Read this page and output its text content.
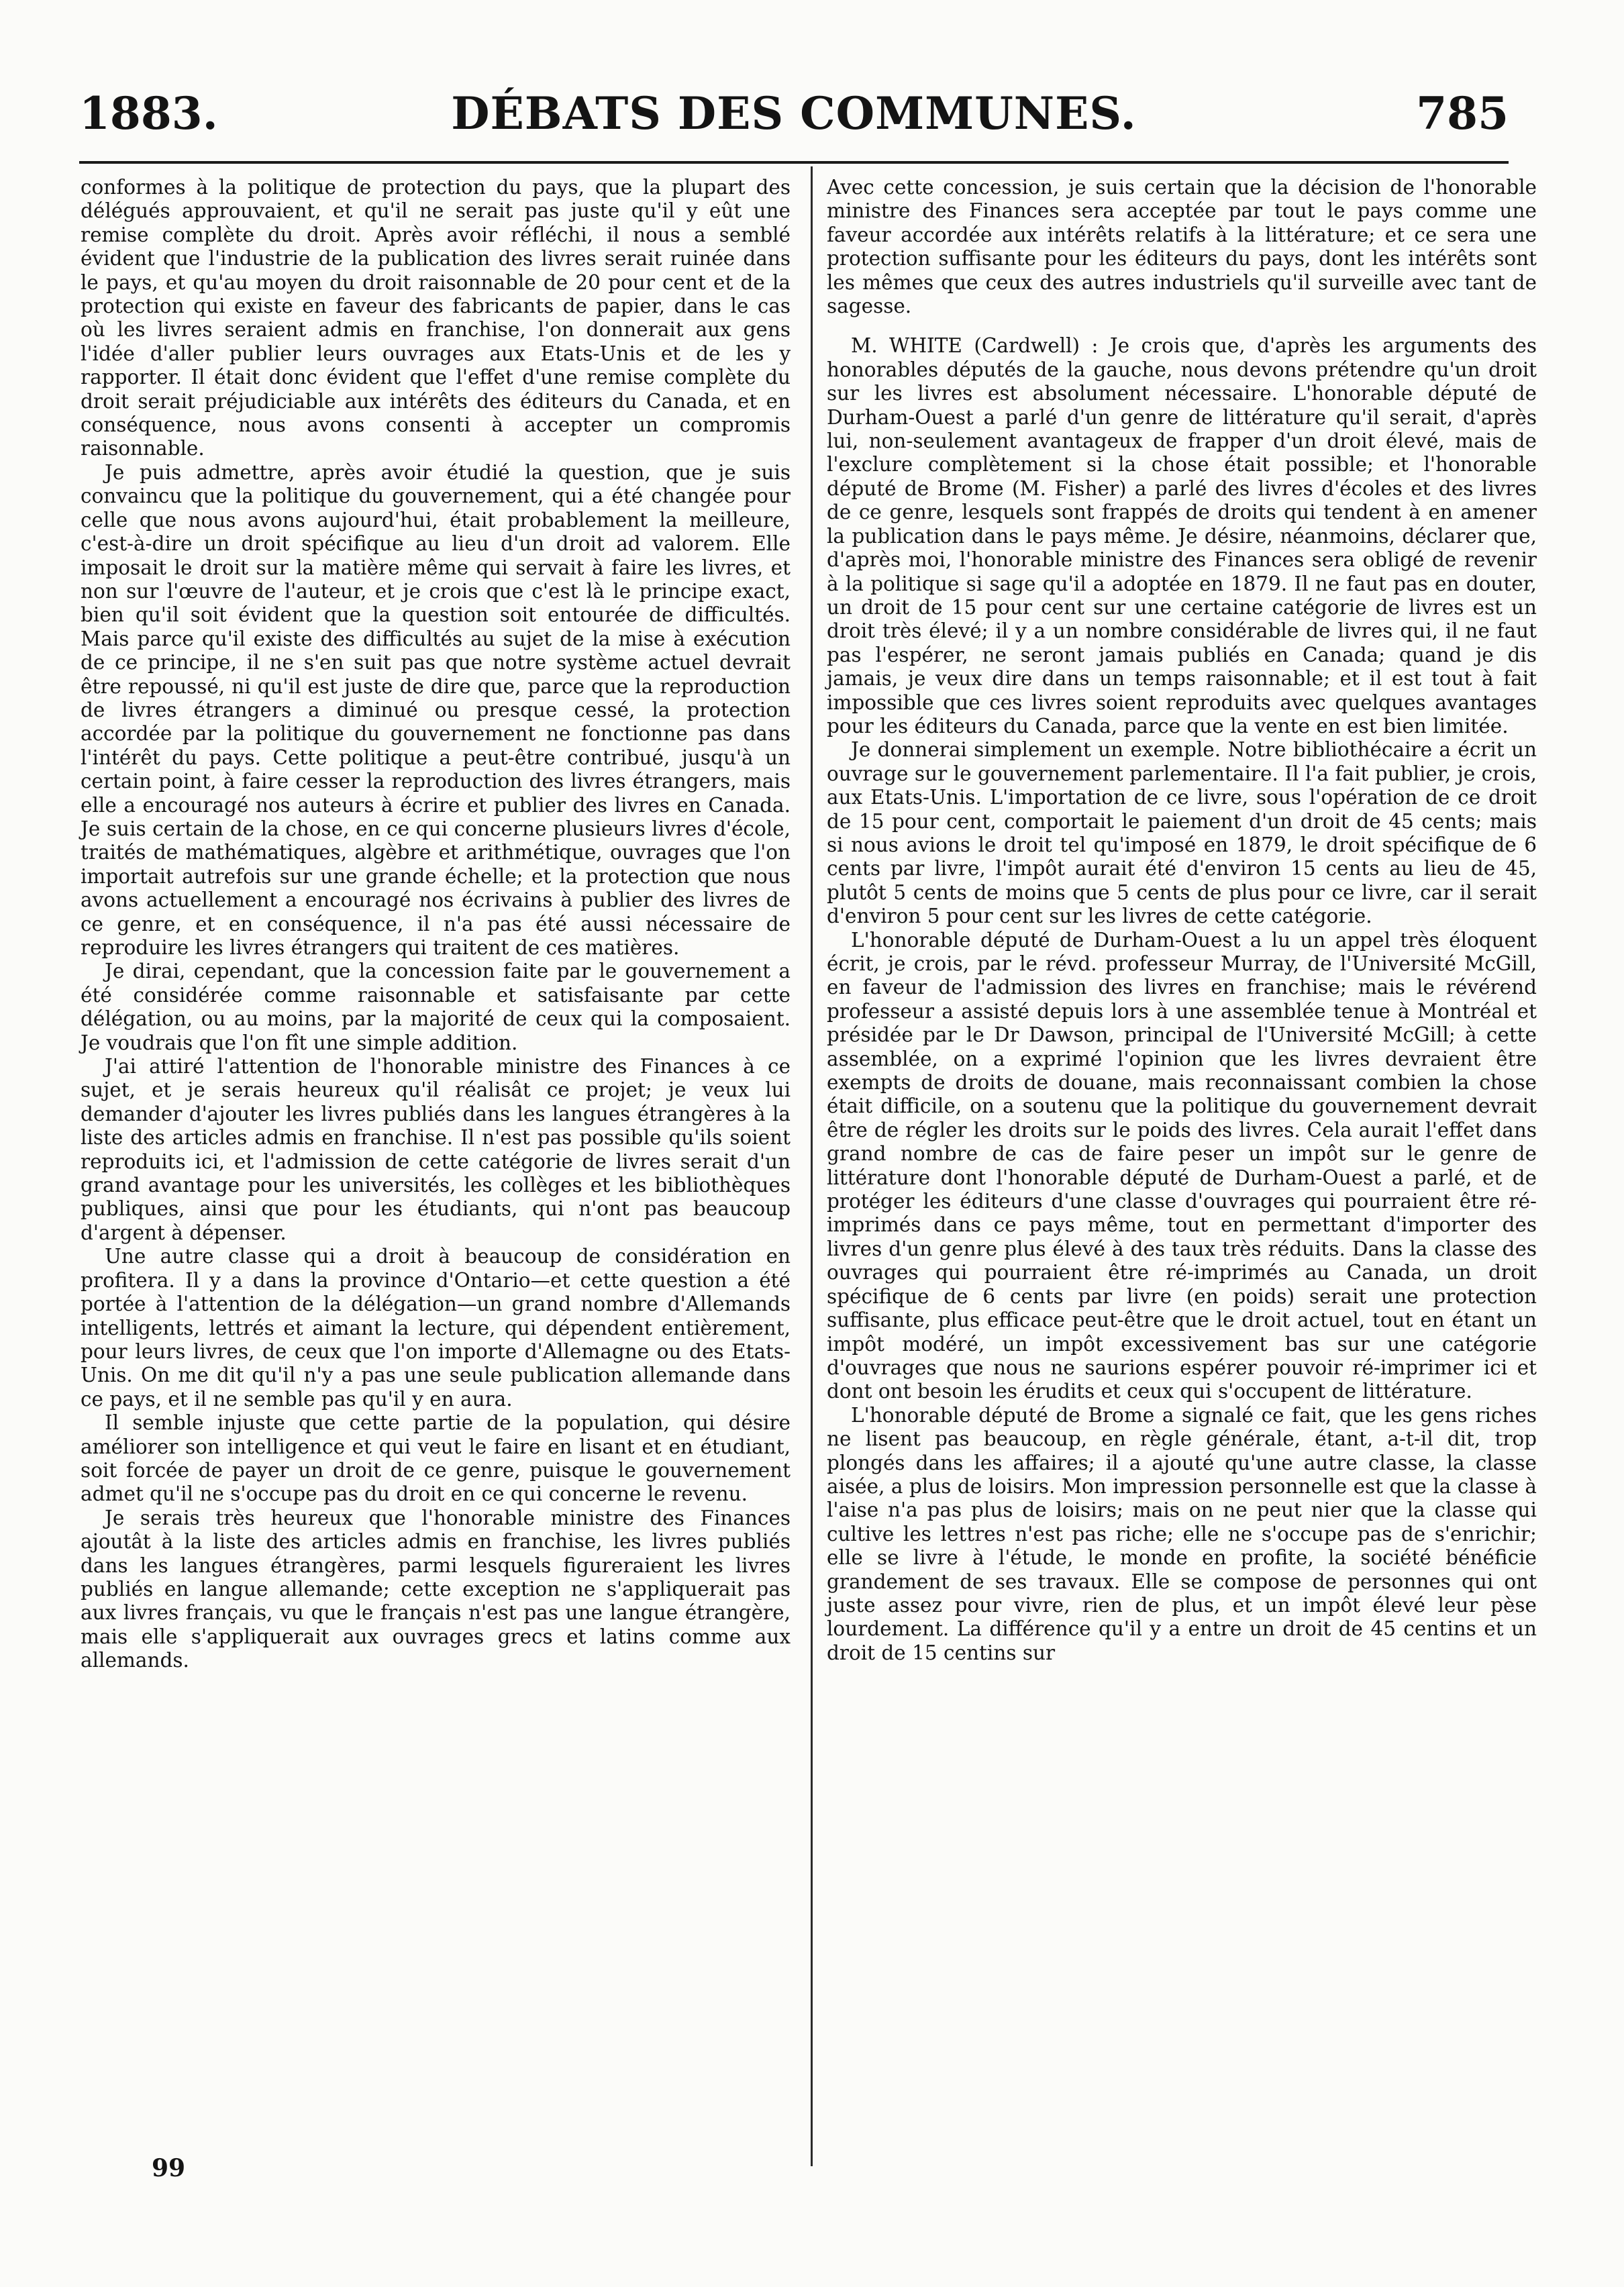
1883.	DÉBATS DES COMMUNES.	785

conformes à la politique de protection du pays, que la plupart des délégués approuvaient, et qu'il ne serait pas juste qu'il y eût une remise complète du droit. Après avoir réfléchi, il nous a semblé évident que l'industrie de la publication des livres serait ruinée dans le pays, et qu'au moyen du droit raisonnable de 20 pour cent et de la protection qui existe en faveur des fabricants de papier, dans le cas où les livres seraient admis en franchise, l'on donnerait aux gens l'idée d'aller publier leurs ouvrages aux Etats-Unis et de les y rapporter. Il était donc évident que l'effet d'une remise complète du droit serait préjudiciable aux intérêts des éditeurs du Canada, et en conséquence, nous avons consenti à accepter un compromis raisonnable.

Je puis admettre, après avoir étudié la question, que je suis convaincu que la politique du gouvernement, qui a été changée pour celle que nous avons aujourd'hui, était probablement la meilleure, c'est-à-dire un droit spécifique au lieu d'un droit ad valorem. Elle imposait le droit sur la matière même qui servait à faire les livres, et non sur l'œuvre de l'auteur, et je crois que c'est là le principe exact, bien qu'il soit évident que la question soit entourée de difficultés. Mais parce qu'il existe des difficultés au sujet de la mise à exécution de ce principe, il ne s'en suit pas que notre système actuel devrait être repoussé, ni qu'il est juste de dire que, parce que la reproduction de livres étrangers a diminué ou presque cessé, la protection accordée par la politique du gouvernement ne fonctionne pas dans l'intérêt du pays. Cette politique a peut-être contribué, jusqu'à un certain point, à faire cesser la reproduction des livres étrangers, mais elle a encouragé nos auteurs à écrire et publier des livres en Canada. Je suis certain de la chose, en ce qui concerne plusieurs livres d'école, traités de mathématiques, algèbre et arithmétique, ouvrages que l'on importait autrefois sur une grande échelle; et la protection que nous avons actuellement a encouragé nos écrivains à publier des livres de ce genre, et en conséquence, il n'a pas été aussi nécessaire de reproduire les livres étrangers qui traitent de ces matières.

Je dirai, cependant, que la concession faite par le gouvernement a été considérée comme raisonnable et satisfaisante par cette délégation, ou au moins, par la majorité de ceux qui la composaient. Je voudrais que l'on fît une simple addition.

J'ai attiré l'attention de l'honorable ministre des Finances à ce sujet, et je serais heureux qu'il réalisât ce projet; je veux lui demander d'ajouter les livres publiés dans les langues étrangères à la liste des articles admis en franchise. Il n'est pas possible qu'ils soient reproduits ici, et l'admission de cette catégorie de livres serait d'un grand avantage pour les universités, les collèges et les bibliothèques publiques, ainsi que pour les étudiants, qui n'ont pas beaucoup d'argent à dépenser.

Une autre classe qui a droit à beaucoup de considération en profitera. Il y a dans la province d'Ontario—et cette question a été portée à l'attention de la délégation—un grand nombre d'Allemands intelligents, lettrés et aimant la lecture, qui dépendent entièrement, pour leurs livres, de ceux que l'on importe d'Allemagne ou des Etats-Unis. On me dit qu'il n'y a pas une seule publication allemande dans ce pays, et il ne semble pas qu'il y en aura.

Il semble injuste que cette partie de la population, qui désire améliorer son intelligence et qui veut le faire en lisant et en étudiant, soit forcée de payer un droit de ce genre, puisque le gouvernement admet qu'il ne s'occupe pas du droit en ce qui concerne le revenu.

Je serais très heureux que l'honorable ministre des Finances ajoutât à la liste des articles admis en franchise, les livres publiés dans les langues étrangères, parmi lesquels figureraient les livres publiés en langue allemande; cette exception ne s'appliquerait pas aux livres français, vu que le français n'est pas une langue étrangère, mais elle s'appliquerait aux ouvrages grecs et latins comme aux allemands.

Avec cette concession, je suis certain que la décision de l'honorable ministre des Finances sera acceptée par tout le pays comme une faveur accordée aux intérêts relatifs à la littérature; et ce sera une protection suffisante pour les éditeurs du pays, dont les intérêts sont les mêmes que ceux des autres industriels qu'il surveille avec tant de sagesse.

M. WHITE (Cardwell) : Je crois que, d'après les arguments des honorables députés de la gauche, nous devons prétendre qu'un droit sur les livres est absolument nécessaire. L'honorable député de Durham-Ouest a parlé d'un genre de littérature qu'il serait, d'après lui, non-seulement avantageux de frapper d'un droit élevé, mais de l'exclure complètement si la chose était possible; et l'honorable député de Brome (M. Fisher) a parlé des livres d'écoles et des livres de ce genre, lesquels sont frappés de droits qui tendent à en amener la publication dans le pays même. Je désire, néanmoins, déclarer que, d'après moi, l'honorable ministre des Finances sera obligé de revenir à la politique si sage qu'il a adoptée en 1879. Il ne faut pas en douter, un droit de 15 pour cent sur une certaine catégorie de livres est un droit très élevé; il y a un nombre considérable de livres qui, il ne faut pas l'espérer, ne seront jamais publiés en Canada; quand je dis jamais, je veux dire dans un temps raisonnable; et il est tout à fait impossible que ces livres soient reproduits avec quelques avantages pour les éditeurs du Canada, parce que la vente en est bien limitée.

Je donnerai simplement un exemple. Notre bibliothécaire a écrit un ouvrage sur le gouvernement parlementaire. Il l'a fait publier, je crois, aux Etats-Unis. L'importation de ce livre, sous l'opération de ce droit de 15 pour cent, comportait le paiement d'un droit de 45 cents; mais si nous avions le droit tel qu'imposé en 1879, le droit spécifique de 6 cents par livre, l'impôt aurait été d'environ 15 cents au lieu de 45, plutôt 5 cents de moins que 5 cents de plus pour ce livre, car il serait d'environ 5 pour cent sur les livres de cette catégorie.

L'honorable député de Durham-Ouest a lu un appel très éloquent écrit, je crois, par le révd. professeur Murray, de l'Université McGill, en faveur de l'admission des livres en franchise; mais le révérend professeur a assisté depuis lors à une assemblée tenue à Montréal et présidée par le Dr Dawson, principal de l'Université McGill; à cette assemblée, on a exprimé l'opinion que les livres devraient être exempts de droits de douane, mais reconnaissant combien la chose était difficile, on a soutenu que la politique du gouvernement devrait être de régler les droits sur le poids des livres. Cela aurait l'effet dans grand nombre de cas de faire peser un impôt sur le genre de littérature dont l'honorable député de Durham-Ouest a parlé, et de protéger les éditeurs d'une classe d'ouvrages qui pourraient être ré-imprimés dans ce pays même, tout en permettant d'importer des livres d'un genre plus élevé à des taux très réduits. Dans la classe des ouvrages qui pourraient être ré-imprimés au Canada, un droit spécifique de 6 cents par livre (en poids) serait une protection suffisante, plus efficace peut-être que le droit actuel, tout en étant un impôt modéré, un impôt excessivement bas sur une catégorie d'ouvrages que nous ne saurions espérer pouvoir ré-imprimer ici et dont ont besoin les érudits et ceux qui s'occupent de littérature.

L'honorable député de Brome a signalé ce fait, que les gens riches ne lisent pas beaucoup, en règle générale, étant, a-t-il dit, trop plongés dans les affaires; il a ajouté qu'une autre classe, la classe aisée, a plus de loisirs. Mon impression personnelle est que la classe à l'aise n'a pas plus de loisirs; mais on ne peut nier que la classe qui cultive les lettres n'est pas riche; elle ne s'occupe pas de s'enrichir; elle se livre à l'étude, le monde en profite, la société bénéficie grandement de ses travaux. Elle se compose de personnes qui ont juste assez pour vivre, rien de plus, et un impôt élevé leur pèse lourdement. La différence qu'il y a entre un droit de 45 centins et un droit de 15 centins sur

99
